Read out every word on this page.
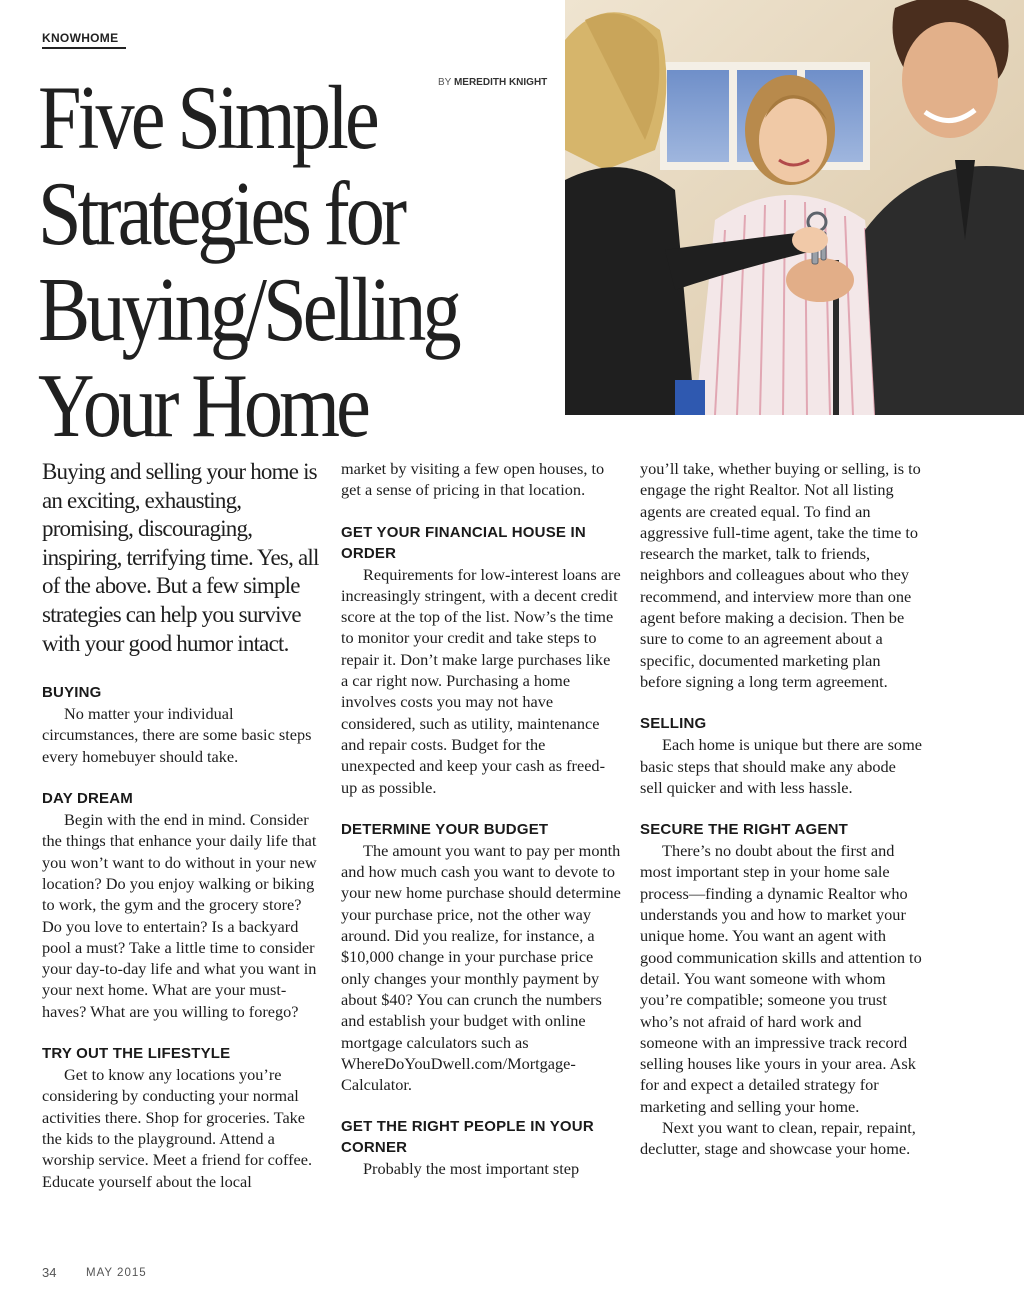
KNOWHOME
BY MEREDITH KNIGHT
Five Simple
Strategies for
Buying/Selling
Your Home

Buying and selling your home is an exciting, exhausting, promising, discouraging, inspiring, terrifying time. Yes, all of the above. But a few simple strategies can help you survive with your good humor intact.

BUYING

No matter your individual circumstances, there are some basic steps every homebuyer should take.

DAY DREAM

Begin with the end in mind. Consider the things that enhance your daily life that you won’t want to do without in your new location? Do you enjoy walking or biking to work, the gym and the grocery store? Do you love to entertain? Is a backyard pool a must? Take a little time to consider your day-to-day life and what you want in your next home. What are your must-haves? What are you willing to forego?

TRY OUT THE LIFESTYLE

Get to know any locations you’re considering by conducting your normal activities there. Shop for groceries. Take the kids to the playground. Attend a worship service. Meet a friend for coffee. Educate yourself about the local

market by visiting a few open houses, to get a sense of pricing in that location.

GET YOUR FINANCIAL HOUSE IN ORDER

Requirements for low-interest loans are increasingly stringent, with a decent credit score at the top of the list. Now’s the time to monitor your credit and take steps to repair it. Don’t make large purchases like a car right now. Purchasing a home involves costs you may not have considered, such as utility, maintenance and repair costs. Budget for the unexpected and keep your cash as freed-up as possible.

DETERMINE YOUR BUDGET

The amount you want to pay per month and how much cash you want to devote to your new home purchase should determine your purchase price, not the other way around. Did you realize, for instance, a $10,000 change in your purchase price only changes your monthly payment by about $40? You can crunch the numbers and establish your budget with online mortgage calculators such as WhereDoYouDwell.com/Mortgage-Calculator.

GET THE RIGHT PEOPLE IN YOUR CORNER

Probably the most important step

you’ll take, whether buying or selling, is to engage the right Realtor. Not all listing agents are created equal. To find an aggressive full-time agent, take the time to research the market, talk to friends, neighbors and colleagues about who they recommend, and interview more than one agent before making a decision. Then be sure to come to an agreement about a specific, documented marketing plan before signing a long term agreement.

SELLING

Each home is unique but there are some basic steps that should make any abode sell quicker and with less hassle.

SECURE THE RIGHT AGENT

There’s no doubt about the first and most important step in your home sale process—finding a dynamic Realtor who understands you and how to market your unique home. You want an agent with good communication skills and attention to detail. You want someone with whom you’re compatible; someone you trust who’s not afraid of hard work and someone with an impressive track record selling houses like yours in your area. Ask for and expect a detailed strategy for marketing and selling your home.

Next you want to clean, repair, repaint, declutter, stage and showcase your home.

34	MAY 2015
